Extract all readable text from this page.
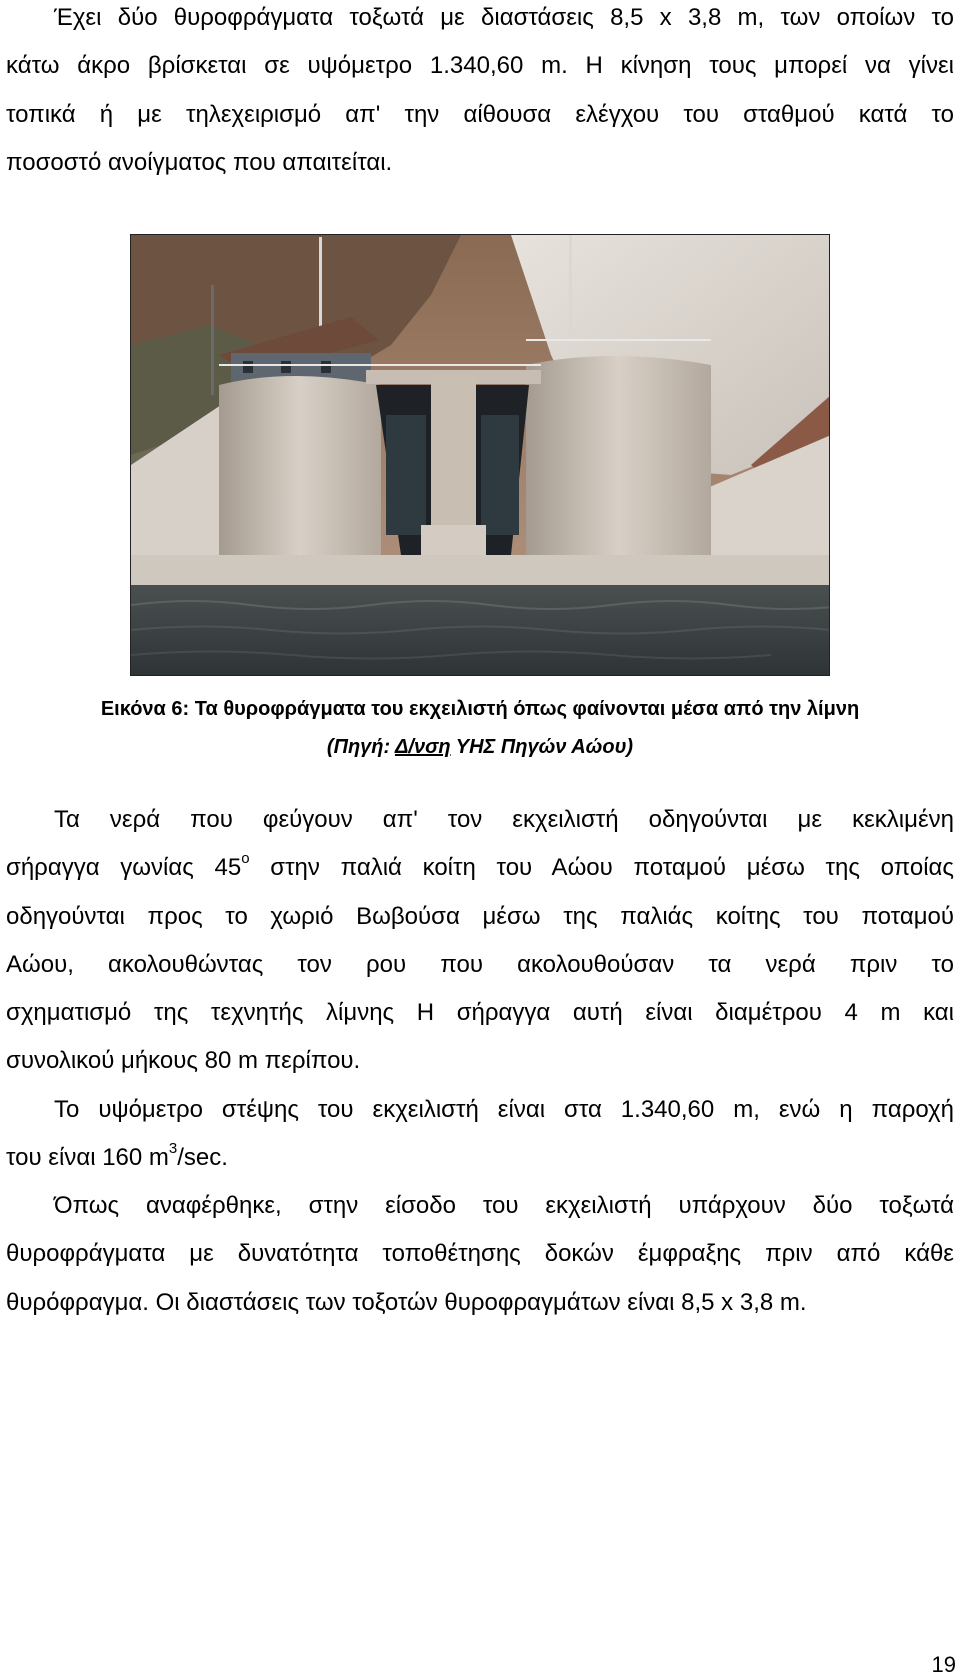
Έχει δύο θυροφράγματα τοξωτά με διαστάσεις 8,5 x 3,8 m, των οποίων το
κάτω άκρο βρίσκεται σε υψόμετρο 1.340,60 m. Η κίνηση τους μπορεί να γίνει
τοπικά ή με τηλεχειρισμό απ' την αίθουσα ελέγχου του σταθμού κατά το
ποσοστό ανοίγματος που απαιτείται.
Εικόνα 6: Τα θυροφράγματα του εκχειλιστή όπως φαίνονται μέσα από την λίμνη
(Πηγή: Δ/νση ΥΗΣ Πηγών Αώου)
Τα νερά που φεύγουν απ' τον εκχειλιστή οδηγούνται με κεκλιμένη
σήραγγα γωνίας $45^o$ στην παλιά κοίτη του Αώου ποταμού μέσω της οποίας
οδηγούνται προς το χωριό Βωβούσα μέσω της παλιάς κοίτης του ποταμού
Αώου, ακολουθώντας τον ρου που ακολουθούσαν τα νερά πριν το
σχηματισμό της τεχνητής λίμνης Η σήραγγα αυτή είναι διαμέτρου 4 m και
συνολικού μήκους 80 m περίπου.
Το υψόμετρο στέψης του εκχειλιστή είναι στα 1.340,60 m, ενώ η παροχή
του είναι 160 $m^3/\sec$.
Όπως αναφέρθηκε, στην είσοδο του εκχειλιστή υπάρχουν δύο τοξωτά
θυροφράγματα με δυνατότητα τοποθέτησης δοκών έμφραξης πριν από κάθε
θυρόφραγμα. Οι διαστάσεις των τοξοτών θυροφραγμάτων είναι 8,5 x 3,8 m.
19
